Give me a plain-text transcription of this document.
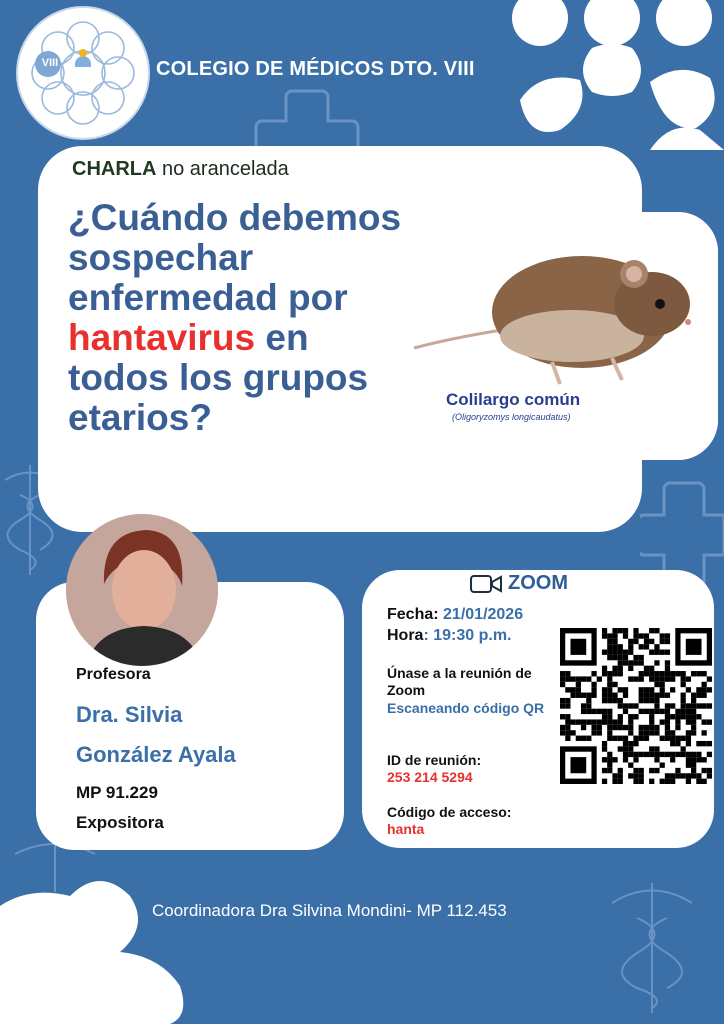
VIII	COLEGIO DE MÉDICOS DTO. VIII
CHARLA no arancelada
¿Cuándo debemos sospechar enfermedad por hantavirus en todos los grupos etarios?	Colilargo común
(Oligoryzomys longicaudatus)
Profesora
Dra. Silvia
González Ayala
MP 91.229
Expositora
ZOOM
Fecha: 21/01/2026
Hora: 19:30 p.m.
Únase a la reunión de Zoom
Escaneando código QR
ID de reunión:
253 214 5294
Código de acceso:
hanta
Coordinadora Dra Silvina Mondini- MP 112.453
